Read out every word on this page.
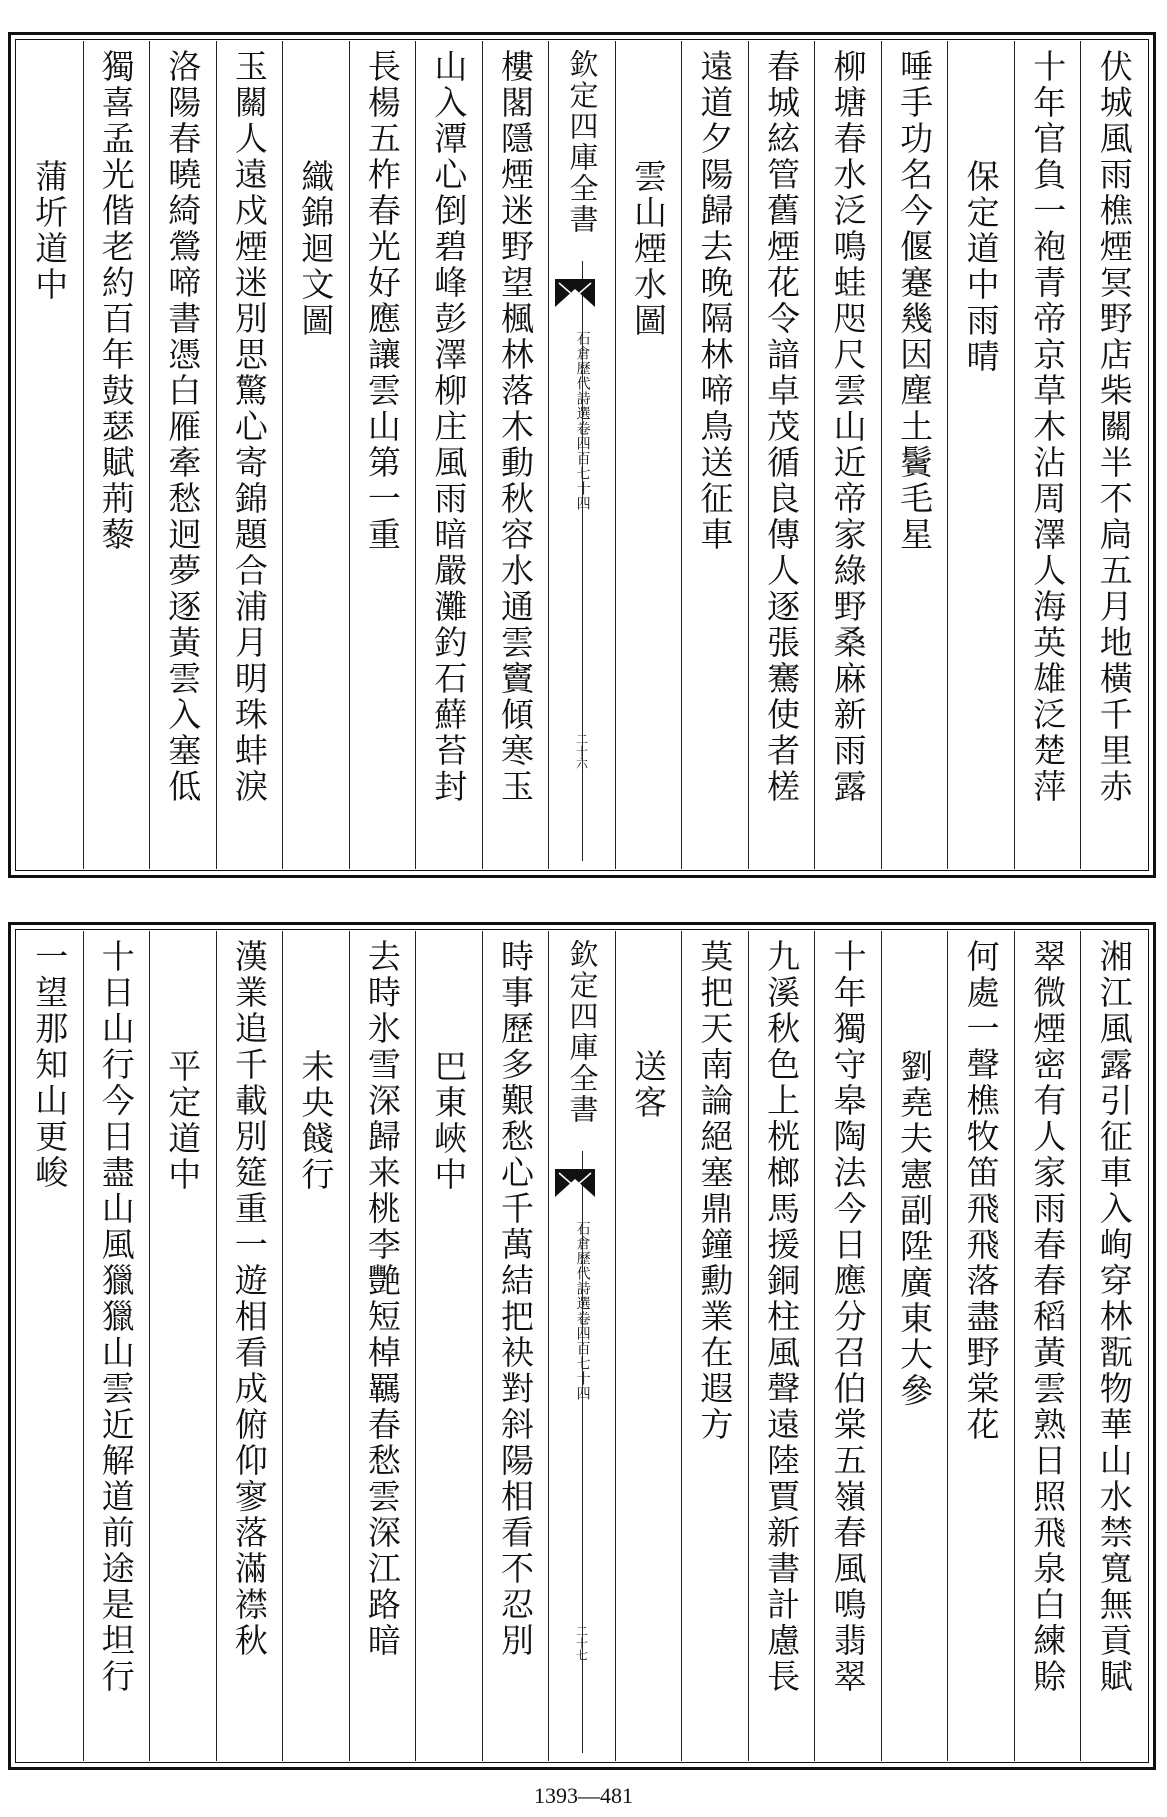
伏城風雨樵煙冥野店柴關半不扃五月地橫千里赤
十年官負一袍青帝京草木沾周澤人海英雄泛楚萍
保定道中雨晴
唾手功名今偃蹇幾因塵土鬢毛星
柳塘春水泛鳴蛙咫尺雲山近帝家綠野桑麻新雨露
春城絃管舊煙花令諳卓茂循良傳人逐張騫使者槎
遠道夕陽歸去晚隔林啼鳥送征車
雲山煙水圖
欽定四庫全書
石倉歷代詩選卷四百七十四
二十六
樓閣隱煙迷野望楓林落木動秋容水通雲竇傾寒玉
山入潭心倒碧峰彭澤柳庄風雨暗嚴灘釣石蘚苔封
長楊五柞春光好應讓雲山第一重
織錦迴文圖
玉關人遠戍煙迷別思驚心寄錦題合浦月明珠蚌淚
洛陽春曉綺鶯啼書憑白雁牽愁迥夢逐黃雲入塞低
獨喜孟光偕老約百年鼓瑟賦荊藜
蒲圻道中
湘江風露引征車入峋穿林翫物華山水禁寬無貢賦
翠微煙密有人家雨春春稻黃雲熟日照飛泉白練賒
何處一聲樵牧笛飛飛落盡野棠花
劉堯夫憲副陞廣東大參
十年獨守皋陶法今日應分召伯棠五嶺春風鳴翡翠
九溪秋色上桄榔馬援銅柱風聲遠陸賈新書計慮長
莫把天南論絕塞鼎鐘勳業在遐方
送客
欽定四庫全書
石倉歷代詩選卷四百七十四
二十七
時事歷多艱愁心千萬結把袂對斜陽相看不忍別
巴東峽中
去時氷雪深歸来桃李艷短棹羈春愁雲深江路暗
未央餞行
漢業追千載別筵重一遊相看成俯仰寥落滿襟秋
平定道中
十日山行今日盡山風獵獵山雲近解道前途是坦行
一望那知山更峻
1393—481
